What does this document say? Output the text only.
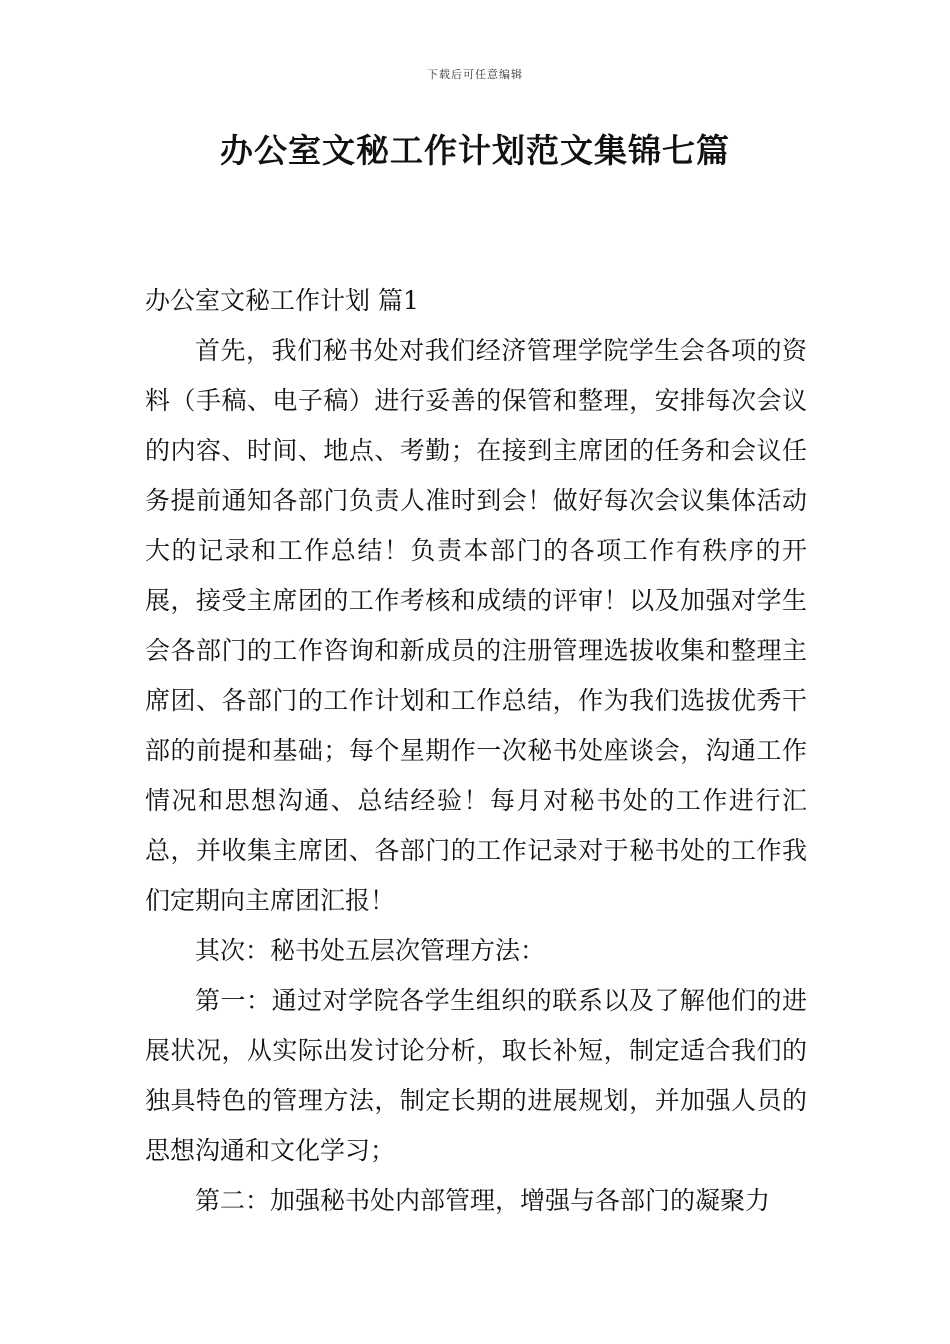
下载后可任意编辑
办公室文秘工作计划范文集锦七篇

办公室文秘工作计划 篇1

首先，我们秘书处对我们经济管理学院学生会各项的资料（手稿、电子稿）进行妥善的保管和整理，安排每次会议的内容、时间、地点、考勤；在接到主席团的任务和会议任务提前通知各部门负责人准时到会！做好每次会议集体活动大的记录和工作总结！负责本部门的各项工作有秩序的开展，接受主席团的工作考核和成绩的评审！以及加强对学生会各部门的工作咨询和新成员的注册管理选拔收集和整理主席团、各部门的工作计划和工作总结，作为我们选拔优秀干部的前提和基础；每个星期作一次秘书处座谈会，沟通工作情况和思想沟通、总结经验！每月对秘书处的工作进行汇总，并收集主席团、各部门的工作记录对于秘书处的工作我们定期向主席团汇报！

其次：秘书处五层次管理方法：

第一：通过对学院各学生组织的联系以及了解他们的进展状况，从实际出发讨论分析，取长补短，制定适合我们的独具特色的管理方法，制定长期的进展规划，并加强人员的思想沟通和文化学习；

第二：加强秘书处内部管理，增强与各部门的凝聚力
